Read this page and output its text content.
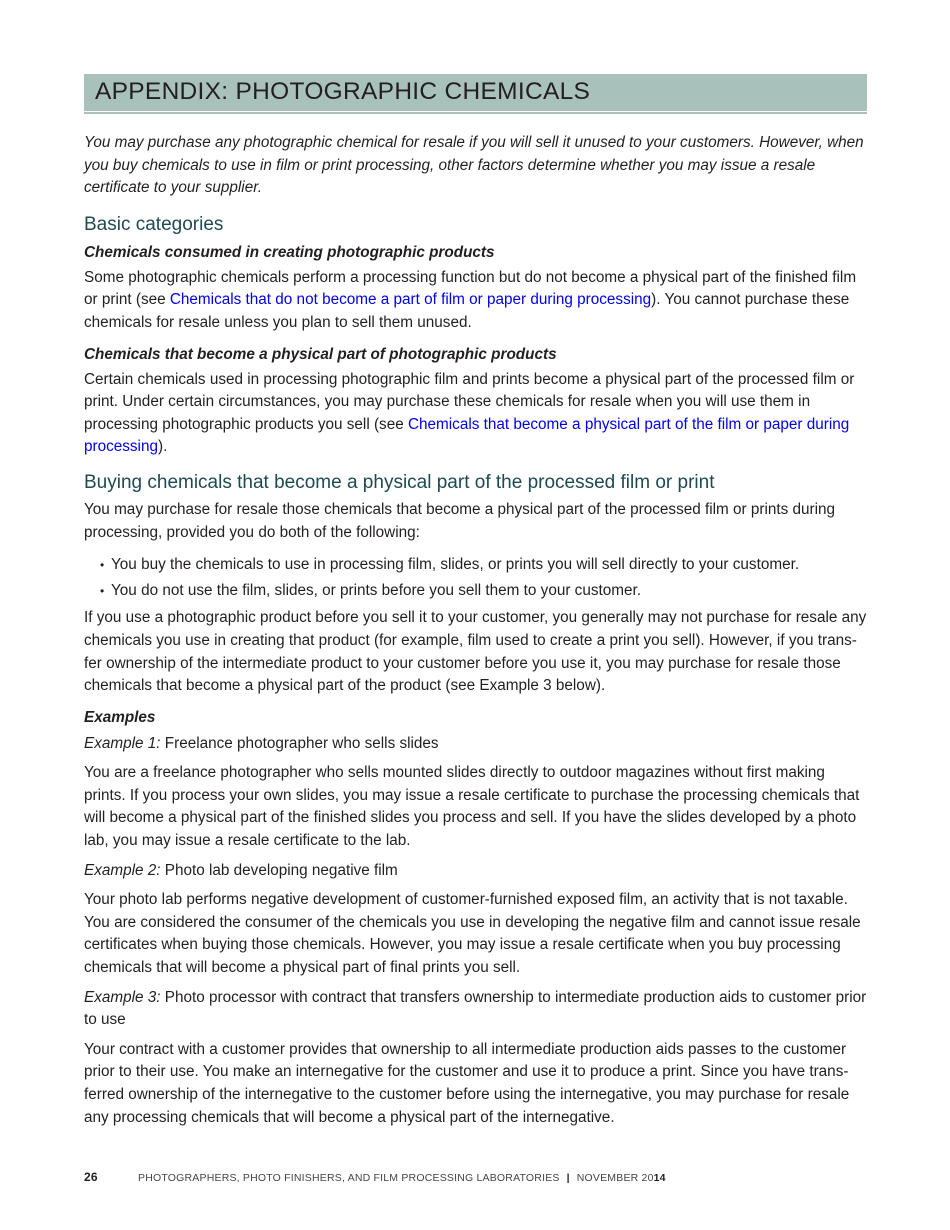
APPENDIX: PHOTOGRAPHIC CHEMICALS

You may purchase any photographic chemical for resale if you will sell it unused to your customers. However, when you buy chemicals to use in film or print processing, other factors determine whether you may issue a resale certificate to your supplier.

Basic categories
Chemicals consumed in creating photographic products

Some photographic chemicals perform a processing function but do not become a physical part of the finished film or print (see Chemicals that do not become a part of film or paper during processing). You cannot purchase these chemicals for resale unless you plan to sell them unused.

Chemicals that become a physical part of photographic products

Certain chemicals used in processing photographic film and prints become a physical part of the processed film or print. Under certain circumstances, you may purchase these chemicals for resale when you will use them in processing photographic products you sell (see Chemicals that become a physical part of the film or paper during processing).

Buying chemicals that become a physical part of the processed film or print

You may purchase for resale those chemicals that become a physical part of the processed film or prints during processing, provided you do both of the following:

• You buy the chemicals to use in processing film, slides, or prints you will sell directly to your customer.
• You do not use the film, slides, or prints before you sell them to your customer.

If you use a photographic product before you sell it to your customer, you generally may not purchase for resale any chemicals you use in creating that product (for example, film used to create a print you sell). However, if you trans-fer ownership of the intermediate product to your customer before you use it, you may purchase for resale those chemicals that become a physical part of the product (see Example 3 below).

Examples

Example 1: Freelance photographer who sells slides

You are a freelance photographer who sells mounted slides directly to outdoor magazines without first making prints. If you process your own slides, you may issue a resale certificate to purchase the processing chemicals that will become a physical part of the finished slides you process and sell. If you have the slides developed by a photo lab, you may issue a resale certificate to the lab.

Example 2: Photo lab developing negative film

Your photo lab performs negative development of customer-furnished exposed film, an activity that is not taxable. You are considered the consumer of the chemicals you use in developing the negative film and cannot issue resale certificates when buying those chemicals. However, you may issue a resale certificate when you buy processing chemicals that will become a physical part of final prints you sell.

Example 3: Photo processor with contract that transfers ownership to intermediate production aids to customer prior to use

Your contract with a customer provides that ownership to all intermediate production aids passes to the customer prior to their use. You make an internegative for the customer and use it to produce a print. Since you have trans-ferred ownership of the internegative to the customer before using the internegative, you may purchase for resale any processing chemicals that will become a physical part of the internegative.

26	PHOTOGRAPHERS, PHOTO FINISHERS, AND FILM PROCESSING LABORATORIES | NOVEMBER 2014
